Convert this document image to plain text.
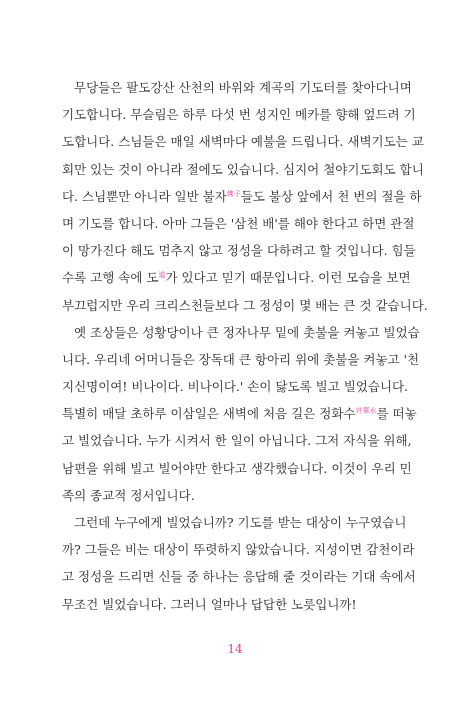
무당들은 팔도강산 산천의 바위와 계곡의 기도터를 찾아다니며
기도합니다. 무슬림은 하루 다섯 번 성지인 메카를 향해 엎드려 기
도합니다. 스님들은 매일 새벽마다 예불을 드립니다. 새벽기도는 교
회만 있는 것이 아니라 절에도 있습니다. 심지어 철야기도회도 합니
다. 스님뿐만 아니라 일반 불자$^{佛子}$들도 불상 앞에서 천 번의 절을 하
며 기도를 합니다. 아마 그들은 '삼천 배'를 해야 한다고 하면 관절
이 망가진다 해도 멈추지 않고 정성을 다하려고 할 것입니다. 힘들
수록 고행 속에 도$^道$가 있다고 믿기 때문입니다. 이런 모습을 보면
부끄럽지만 우리 크리스천들보다 그 정성이 몇 배는 큰 것 같습니다.
옛 조상들은 성황당이나 큰 정자나무 밑에 촛불을 켜놓고 빌었습
니다. 우리네 어머니들은 장독대 큰 항아리 위에 촛불을 켜놓고 '천
지신명이여! 비나이다. 비나이다.' 손이 닳도록 빌고 빌었습니다.
특별히 매달 초하루 이삼일은 새벽에 처음 길은 정화수$^{井華水}$를 떠놓
고 빌었습니다. 누가 시켜서 한 일이 아닙니다. 그저 자식을 위해,
남편을 위해 빌고 빌어야만 한다고 생각했습니다. 이것이 우리 민
족의 종교적 정서입니다.
그런데 누구에게 빌었습니까? 기도를 받는 대상이 누구였습니
까? 그들은 비는 대상이 뚜렷하지 않았습니다. 지성이면 감천이라
고 정성을 드리면 신들 중 하나는 응답해 줄 것이라는 기대 속에서
무조건 빌었습니다. 그러니 얼마나 답답한 노릇입니까!
14
